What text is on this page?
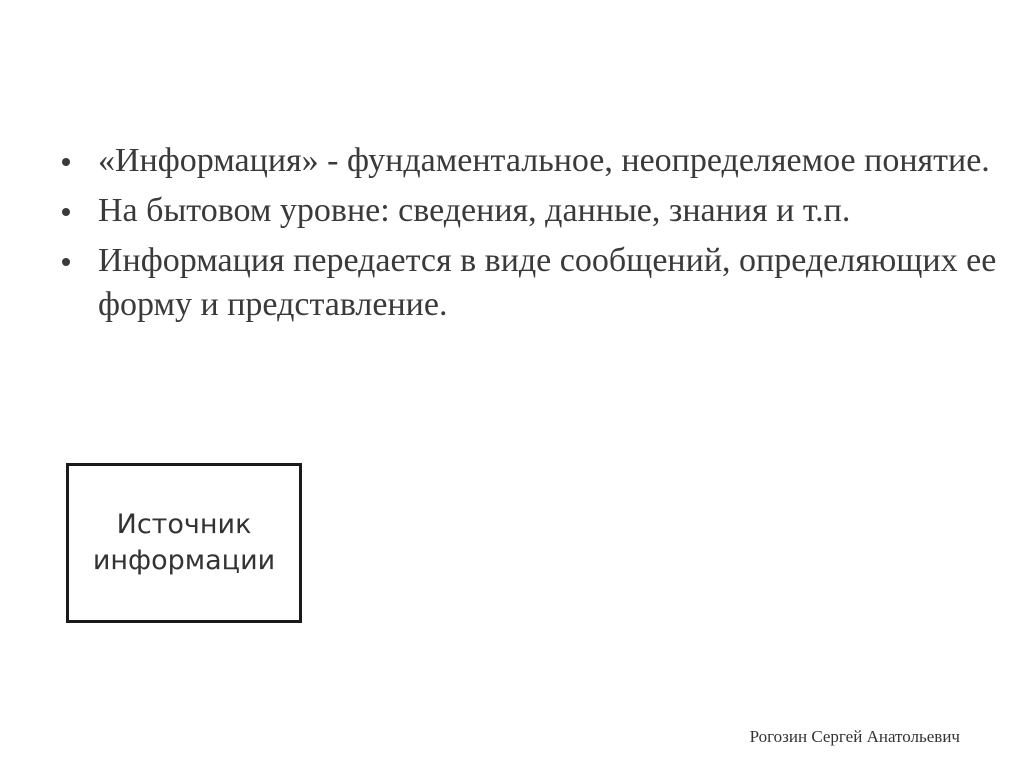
«Информация» - фундаментальное, неопределяемое понятие.
На бытовом уровне: сведения, данные, знания и т.п.
Информация передается в виде сообщений, определяющих ее форму и представление.
Источник
информации
Рогозин Сергей Анатольевич
